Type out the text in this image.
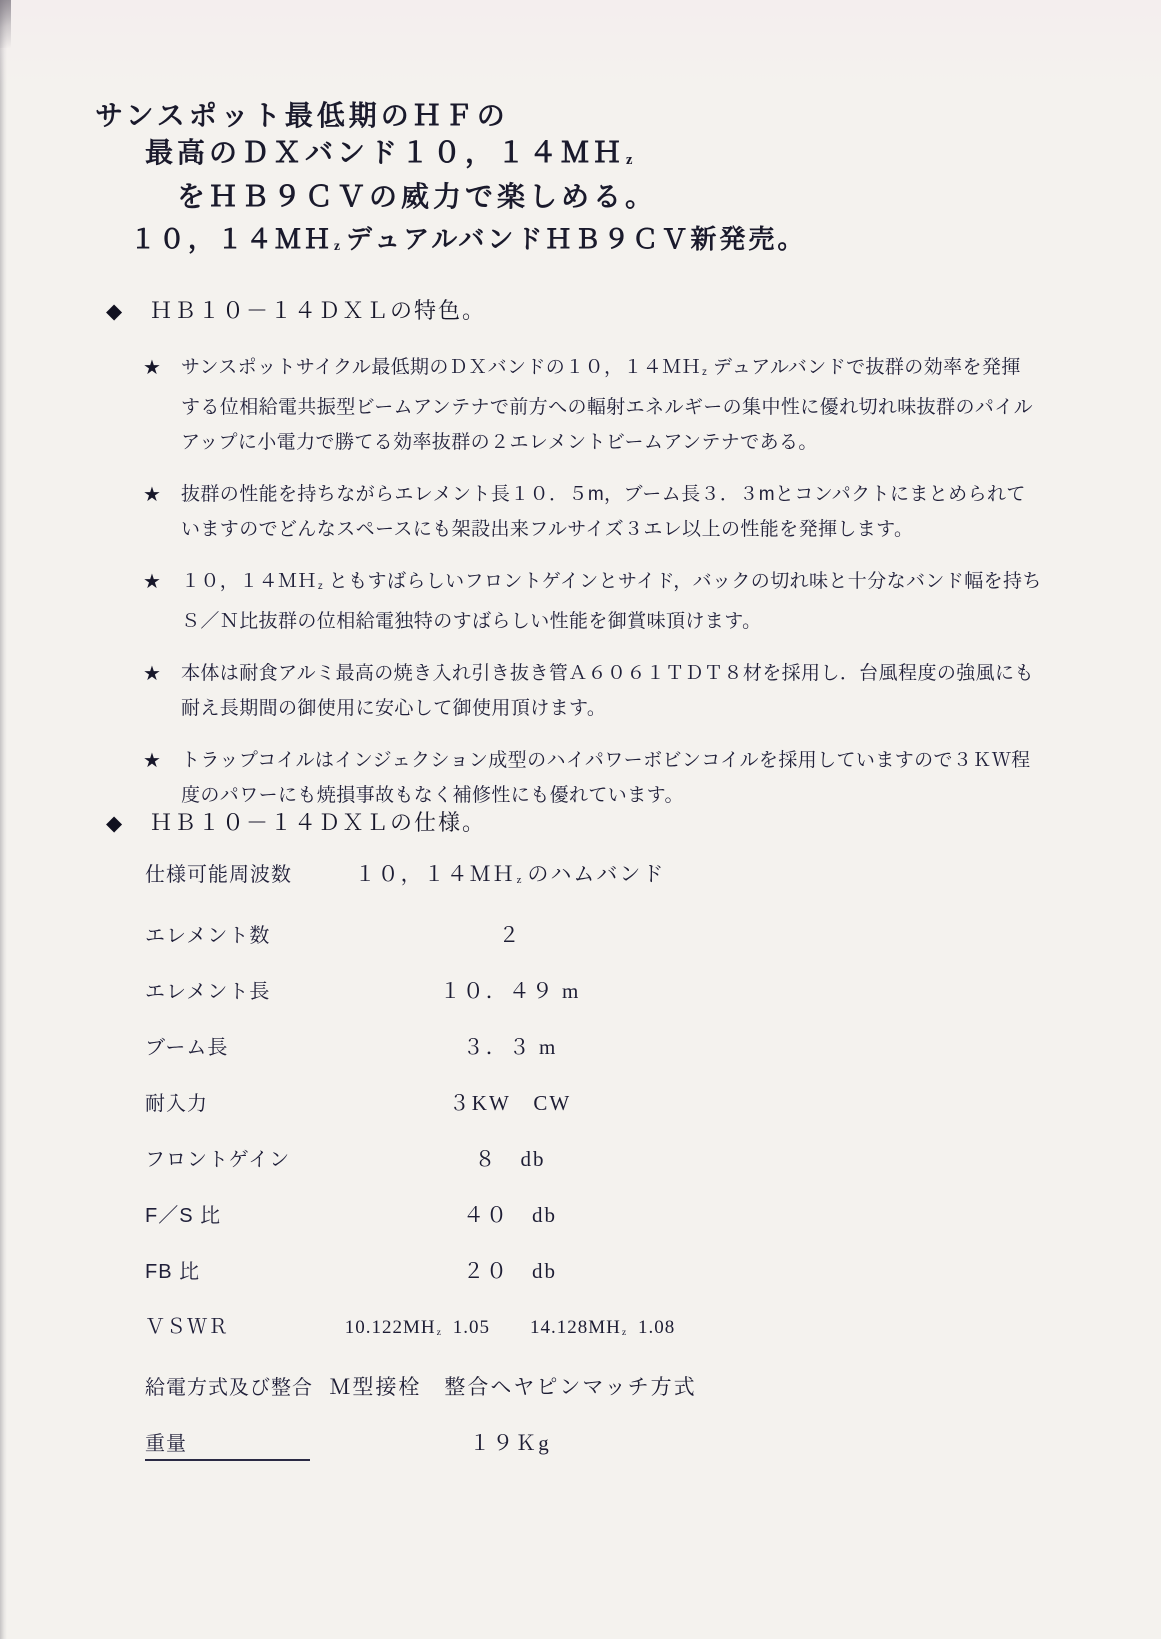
サンスポット最低期のＨＦの
最高のＤＸバンド１０，１４ＭＨz
をＨＢ９ＣＶの威力で楽しめる。
１０，１４ＭＨz デュアルバンドＨＢ９ＣＶ新発売。
◆ ＨＢ１０－１４ＤＸＬの特色。
★	サンスポットサイクル最低期のＤＸバンドの１０，１４ＭＨ$_z$ デュアルバンドで抜群の効率を発揮
する位相給電共振型ビームアンテナで前方への輻射エネルギーの集中性に優れ切れ味抜群のパイル
アップに小電力で勝てる効率抜群の２エレメントビームアンテナである。
★	抜群の性能を持ちながらエレメント長１０．５m，ブーム長３．３mとコンパクトにまとめられて
いますのでどんなスペースにも架設出来フルサイズ３エレ以上の性能を発揮します。
★	１０，１４ＭＨ$_z$ ともすばらしいフロントゲインとサイド，バックの切れ味と十分なバンド幅を持ち
Ｓ／Ｎ比抜群の位相給電独特のすばらしい性能を御賞味頂けます。
★	本体は耐食アルミ最高の焼き入れ引き抜き管Ａ６０６１ＴＤＴ８材を採用し．台風程度の強風にも
耐え長期間の御使用に安心して御使用頂けます。
★	トラップコイルはインジェクション成型のハイパワーボビンコイルを採用していますので３ＫＷ程
度のパワーにも焼損事故もなく補修性にも優れています。
◆ ＨＢ１０－１４ＤＸＬの仕様。
仕様可能周波数	１０，１４ＭＨz のハムバンド
エレメント数	２
エレメント長	１０．４９ m
ブーム長	３．３ m
耐入力	３KW　CW
フロントゲイン	８　db
F／S 比	４０　db
FB 比	２０　db
ＶＳＷＲ	$10.122MH_z$ 1.05　　$14.128MH_z$ 1.08
給電方式及び整合 Ｍ型接栓　整合ヘヤピンマッチ方式
重量	１９Ｋg
